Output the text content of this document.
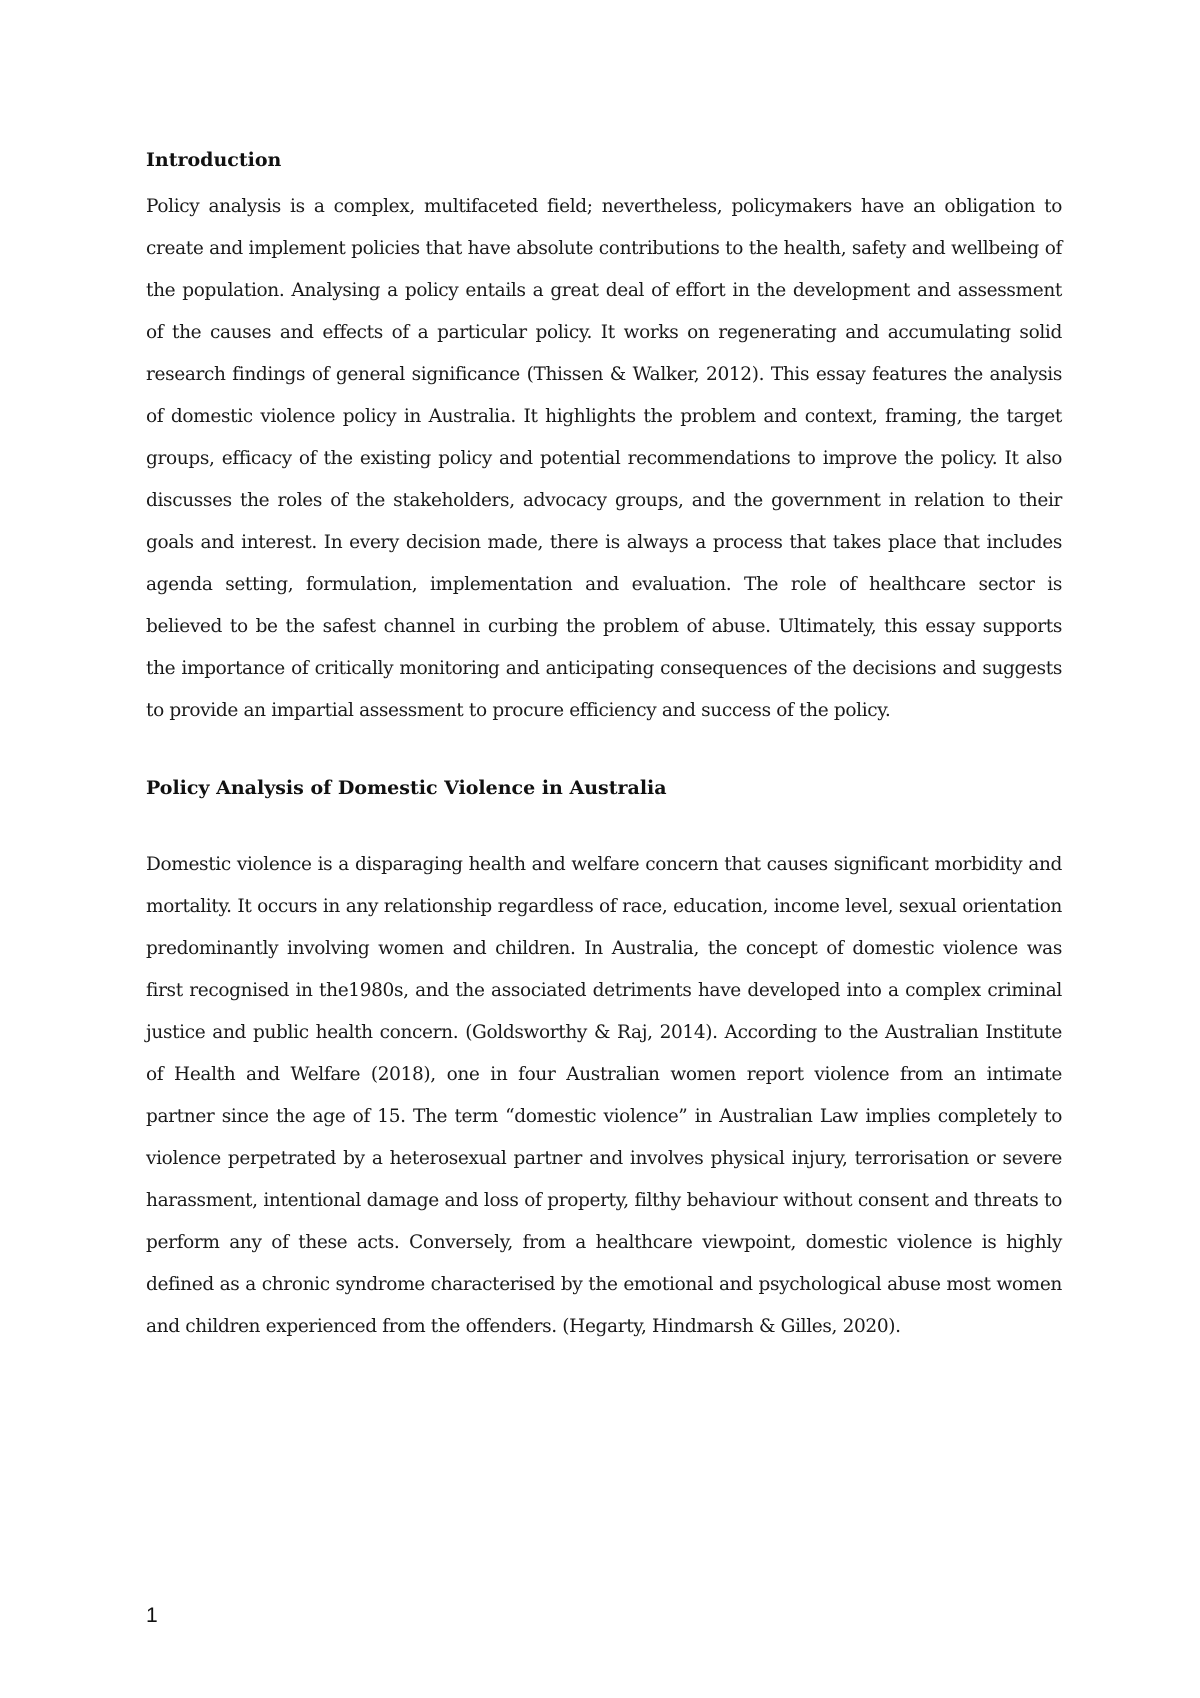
Introduction

Policy analysis is a complex, multifaceted field; nevertheless, policymakers have an obligation to create and implement policies that have absolute contributions to the health, safety and wellbeing of the population. Analysing a policy entails a great deal of effort in the development and assessment of the causes and effects of a particular policy. It works on regenerating and accumulating solid research findings of general significance (Thissen & Walker, 2012). This essay features the analysis of domestic violence policy in Australia. It highlights the problem and context, framing, the target groups, efficacy of the existing policy and potential recommendations to improve the policy. It also discusses the roles of the stakeholders, advocacy groups, and the government in relation to their goals and interest. In every decision made, there is always a process that takes place that includes agenda setting, formulation, implementation and evaluation. The role of healthcare sector is believed to be the safest channel in curbing the problem of abuse. Ultimately, this essay supports the importance of critically monitoring and anticipating consequences of the decisions and suggests to provide an impartial assessment to procure efficiency and success of the policy.

Policy Analysis of Domestic Violence in Australia

Domestic violence is a disparaging health and welfare concern that causes significant morbidity and mortality. It occurs in any relationship regardless of race, education, income level, sexual orientation predominantly involving women and children. In Australia, the concept of domestic violence was first recognised in the1980s, and the associated detriments have developed into a complex criminal justice and public health concern. (Goldsworthy & Raj, 2014). According to the Australian Institute of Health and Welfare (2018), one in four Australian women report violence from an intimate partner since the age of 15. The term “domestic violence” in Australian Law implies completely to violence perpetrated by a heterosexual partner and involves physical injury, terrorisation or severe harassment, intentional damage and loss of property, filthy behaviour without consent and threats to perform any of these acts. Conversely, from a healthcare viewpoint, domestic violence is highly defined as a chronic syndrome characterised by the emotional and psychological abuse most women and children experienced from the offenders. (Hegarty, Hindmarsh & Gilles, 2020).

1
